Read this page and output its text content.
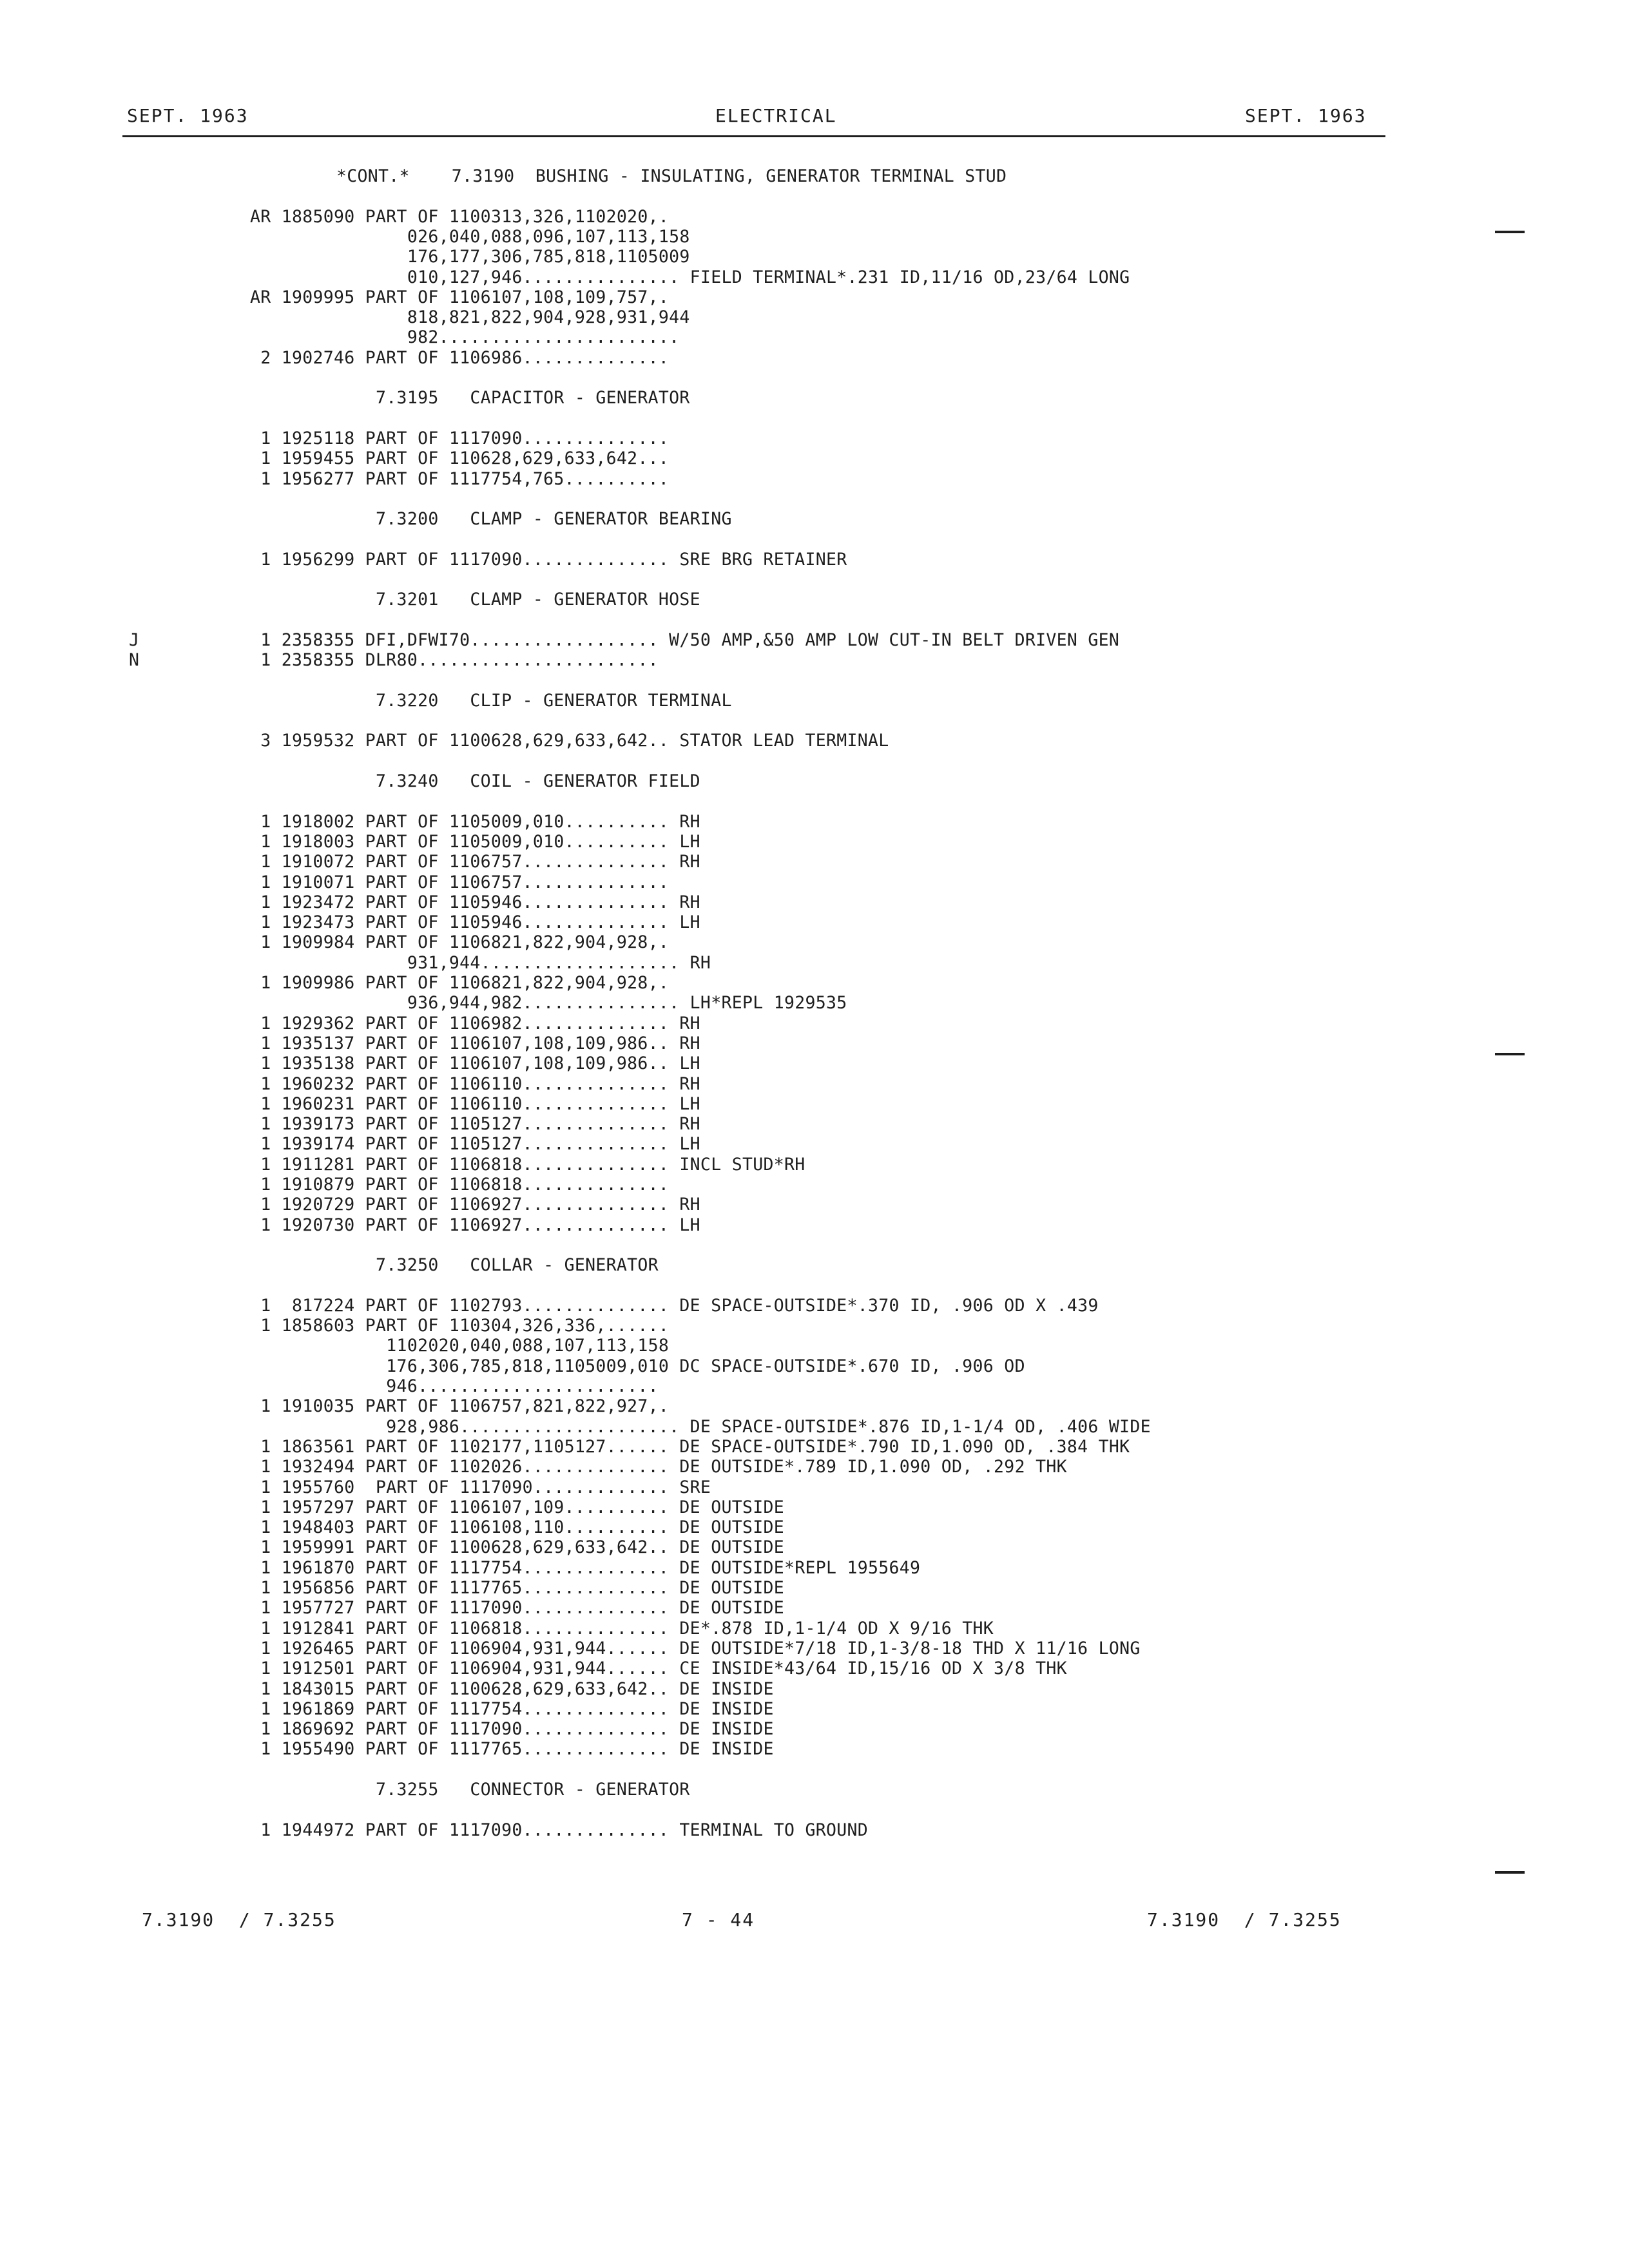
SEPT. 1963	ELECTRICAL	SEPT. 1963
*CONT.*    7.3190  BUSHING - INSULATING, GENERATOR TERMINAL STUD
AR 1885090 PART OF 1100313,326,1102020,.
026,040,088,096,107,113,158
176,177,306,785,818,1105009
010,127,946............... FIELD TERMINAL*.231 ID,11/16 OD,23/64 LONG
AR 1909995 PART OF 1106107,108,109,757,.
818,821,822,904,928,931,944
982.......................
2 1902746 PART OF 1106986..............
7.3195   CAPACITOR - GENERATOR
1 1925118 PART OF 1117090..............
1 1959455 PART OF 110628,629,633,642...
1 1956277 PART OF 1117754,765..........
7.3200   CLAMP - GENERATOR BEARING
1 1956299 PART OF 1117090.............. SRE BRG RETAINER
7.3201   CLAMP - GENERATOR HOSE
J	1 2358355 DFI,DFWI70.................. W/50 AMP,&50 AMP LOW CUT-IN BELT DRIVEN GEN
N	1 2358355 DLR80.......................
7.3220   CLIP - GENERATOR TERMINAL
3 1959532 PART OF 1100628,629,633,642.. STATOR LEAD TERMINAL
7.3240   COIL - GENERATOR FIELD
1 1918002 PART OF 1105009,010.......... RH
1 1918003 PART OF 1105009,010.......... LH
1 1910072 PART OF 1106757.............. RH
1 1910071 PART OF 1106757..............
1 1923472 PART OF 1105946.............. RH
1 1923473 PART OF 1105946.............. LH
1 1909984 PART OF 1106821,822,904,928,.
931,944................... RH
1 1909986 PART OF 1106821,822,904,928,.
936,944,982............... LH*REPL 1929535
1 1929362 PART OF 1106982.............. RH
1 1935137 PART OF 1106107,108,109,986.. RH
1 1935138 PART OF 1106107,108,109,986.. LH
1 1960232 PART OF 1106110.............. RH
1 1960231 PART OF 1106110.............. LH
1 1939173 PART OF 1105127.............. RH
1 1939174 PART OF 1105127.............. LH
1 1911281 PART OF 1106818.............. INCL STUD*RH
1 1910879 PART OF 1106818..............
1 1920729 PART OF 1106927.............. RH
1 1920730 PART OF 1106927.............. LH
7.3250   COLLAR - GENERATOR
1  817224 PART OF 1102793.............. DE SPACE-OUTSIDE*.370 ID, .906 OD X .439
1 1858603 PART OF 110304,326,336,......
1102020,040,088,107,113,158
176,306,785,818,1105009,010 DC SPACE-OUTSIDE*.670 ID, .906 OD
946.......................
1 1910035 PART OF 1106757,821,822,927,.
928,986..................... DE SPACE-OUTSIDE*.876 ID,1-1/4 OD, .406 WIDE
1 1863561 PART OF 1102177,1105127...... DE SPACE-OUTSIDE*.790 ID,1.090 OD, .384 THK
1 1932494 PART OF 1102026.............. DE OUTSIDE*.789 ID,1.090 OD, .292 THK
1 1955760  PART OF 1117090............. SRE
1 1957297 PART OF 1106107,109.......... DE OUTSIDE
1 1948403 PART OF 1106108,110.......... DE OUTSIDE
1 1959991 PART OF 1100628,629,633,642.. DE OUTSIDE
1 1961870 PART OF 1117754.............. DE OUTSIDE*REPL 1955649
1 1956856 PART OF 1117765.............. DE OUTSIDE
1 1957727 PART OF 1117090.............. DE OUTSIDE
1 1912841 PART OF 1106818.............. DE*.878 ID,1-1/4 OD X 9/16 THK
1 1926465 PART OF 1106904,931,944...... DE OUTSIDE*7/18 ID,1-3/8-18 THD X 11/16 LONG
1 1912501 PART OF 1106904,931,944...... CE INSIDE*43/64 ID,15/16 OD X 3/8 THK
1 1843015 PART OF 1100628,629,633,642.. DE INSIDE
1 1961869 PART OF 1117754.............. DE INSIDE
1 1869692 PART OF 1117090.............. DE INSIDE
1 1955490 PART OF 1117765.............. DE INSIDE
7.3255   CONNECTOR - GENERATOR
1 1944972 PART OF 1117090.............. TERMINAL TO GROUND
7.3190  / 7.3255	7 - 44	7.3190  / 7.3255
